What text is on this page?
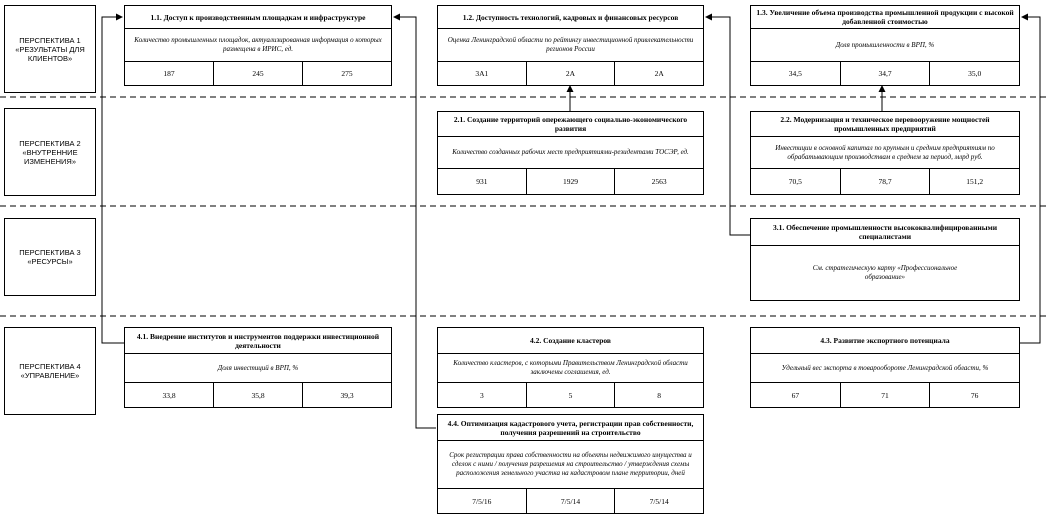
ПЕРСПЕКТИВА 1 «РЕЗУЛЬТАТЫ ДЛЯ КЛИЕНТОВ»
ПЕРСПЕКТИВА 2 «ВНУТРЕННИЕ ИЗМЕНЕНИЯ»
ПЕРСПЕКТИВА 3 «РЕСУРСЫ»
ПЕРСПЕКТИВА 4 «УПРАВЛЕНИЕ»
1.1. Доступ к производственным площадкам и инфраструктуре
Количество промышленных площадок, актуализированная информация о которых размещена в ИРИС, ед.
187	245	275
1.2. Доступность технологий, кадровых и финансовых ресурсов
Оценка Ленинградской области по рейтингу инвестиционной привлекательности регионов России
3А1	2А	2А
1.3. Увеличение объема производства промышленной продукции с высокой добавленной стоимостью
Доля промышленности в ВРП, %
34,5	34,7	35,0
2.1. Создание территорий опережающего социально-экономического развития
Количество созданных рабочих мест предприятиями-резидентами ТОСЭР, ед.
931	1929	2563
2.2. Модернизация и техническое перевооружение мощностей промышленных предприятий
Инвестиции в основной капитал по крупным и средним предприятиям по обрабатывающим производствам в среднем за период, млрд руб.
70,5	78,7	151,2
3.1. Обеспечение промышленности высококвалифицированными специалистами
См. стратегическую карту «Профессиональное образование»
4.1. Внедрение институтов и инструментов поддержки инвестиционной деятельности
Доля инвестиций в ВРП, %
33,8	35,8	39,3
4.2. Создание кластеров
Количество кластеров, с которыми Правительством Ленинградской области заключены соглашения, ед.
3	5	8
4.3. Развитие экспортного потенциала
Удельный вес экспорта в товарообороте Ленинградской области, %
67	71	76
4.4. Оптимизация кадастрового учета, регистрации прав собственности, получения разрешений на строительство
Срок регистрации права собственности на объекты недвижимого имущества и сделок с ними / получения разрешения на строительство / утверждения схемы расположения земельного участка на кадастровом плане территории, дней
7/5/16	7/5/14	7/5/14
